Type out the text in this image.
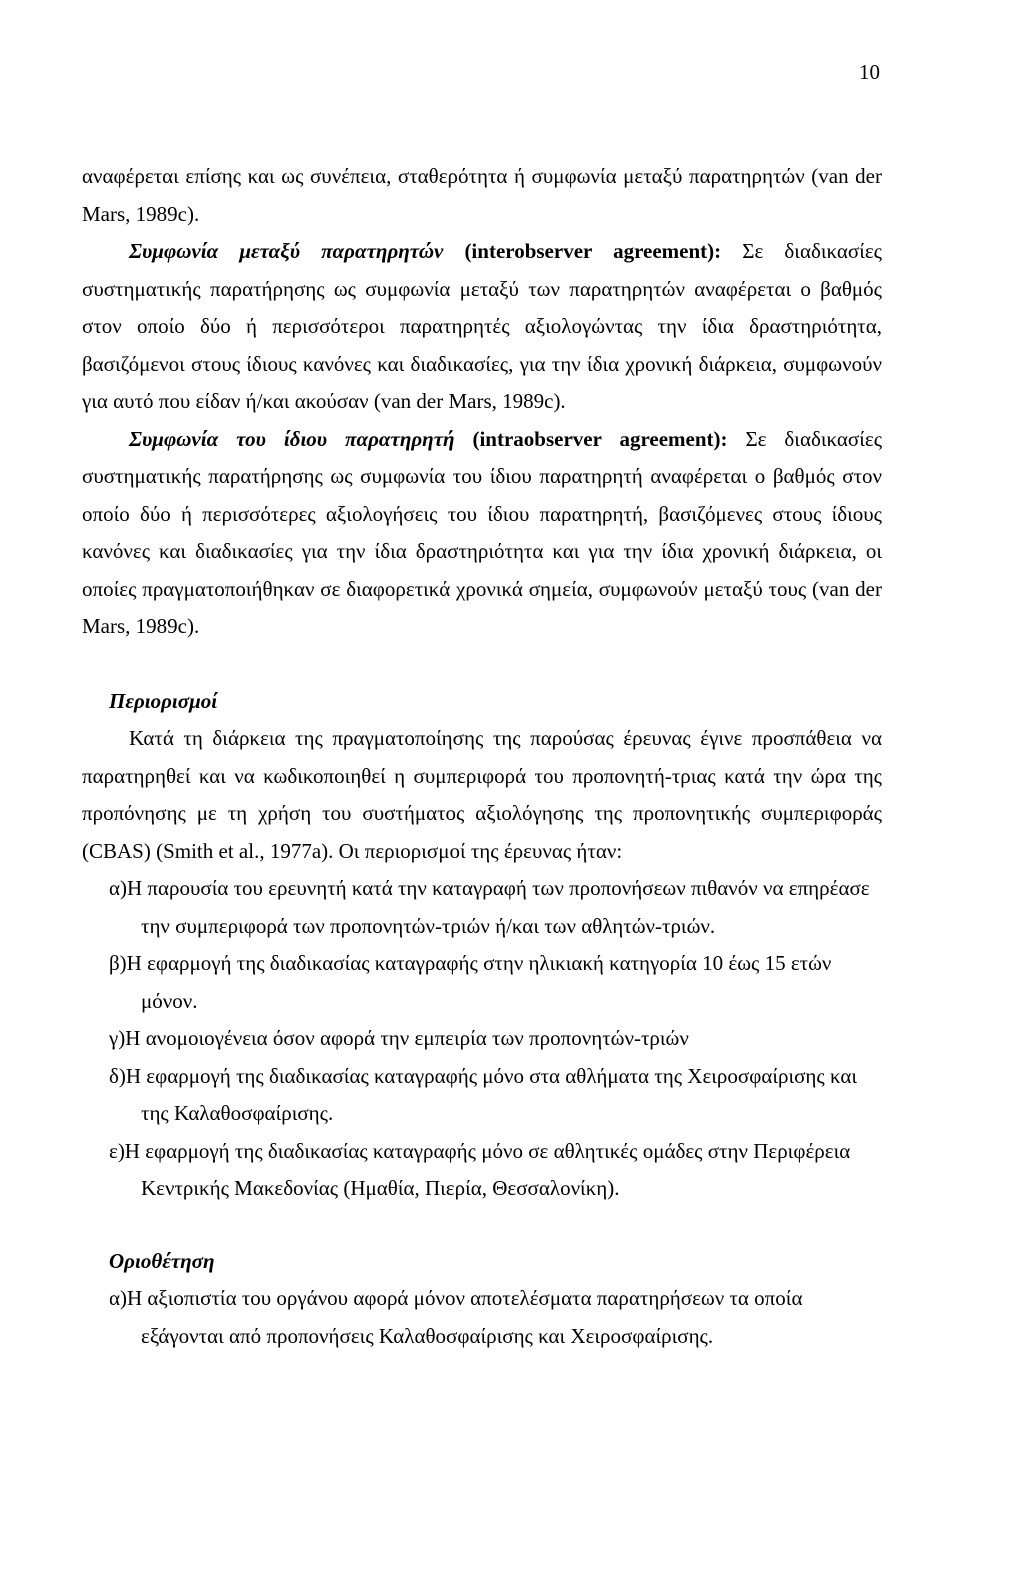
10

αναφέρεται επίσης και ως συνέπεια, σταθερότητα ή συμφωνία μεταξύ παρατηρητών (van der Mars, 1989c).

Συμφωνία μεταξύ παρατηρητών (interobserver agreement): Σε διαδικασίες συστηματικής παρατήρησης ως συμφωνία μεταξύ των παρατηρητών αναφέρεται ο βαθμός στον οποίο δύο ή περισσότεροι παρατηρητές αξιολογώντας την ίδια δραστηριότητα, βασιζόμενοι στους ίδιους κανόνες και διαδικασίες, για την ίδια χρονική διάρκεια, συμφωνούν για αυτό που είδαν ή/και ακούσαν (van der Mars, 1989c).

Συμφωνία του ίδιου παρατηρητή (intraobserver agreement): Σε διαδικασίες συστηματικής παρατήρησης ως συμφωνία του ίδιου παρατηρητή αναφέρεται ο βαθμός στον οποίο δύο ή περισσότερες αξιολογήσεις του ίδιου παρατηρητή, βασιζόμενες στους ίδιους κανόνες και διαδικασίες για την ίδια δραστηριότητα και για την ίδια χρονική διάρκεια, οι οποίες πραγματοποιήθηκαν σε διαφορετικά χρονικά σημεία, συμφωνούν μεταξύ τους (van der Mars, 1989c).

Περιορισμοί

Κατά τη διάρκεια της πραγματοποίησης της παρούσας έρευνας έγινε προσπάθεια να παρατηρηθεί και να κωδικοποιηθεί η συμπεριφορά του προπονητή-τριας κατά την ώρα της προπόνησης με τη χρήση του συστήματος αξιολόγησης της προπονητικής συμπεριφοράς (CBAS) (Smith et al., 1977a). Οι περιορισμοί της έρευνας ήταν:

α)Η παρουσία του ερευνητή κατά την καταγραφή των προπονήσεων πιθανόν να επηρέασε την συμπεριφορά των προπονητών-τριών ή/και των αθλητών-τριών.
β)Η εφαρμογή της διαδικασίας καταγραφής στην ηλικιακή κατηγορία 10 έως 15 ετών μόνον.
γ)Η ανομοιογένεια όσον αφορά την εμπειρία των προπονητών-τριών
δ)Η εφαρμογή της διαδικασίας καταγραφής μόνο στα αθλήματα της Χειροσφαίρισης και της Καλαθοσφαίρισης.
ε)Η εφαρμογή της διαδικασίας καταγραφής μόνο σε αθλητικές ομάδες στην Περιφέρεια Κεντρικής Μακεδονίας (Ημαθία, Πιερία, Θεσσαλονίκη).
Οριοθέτηση
α)Η αξιοπιστία του οργάνου αφορά μόνον αποτελέσματα παρατηρήσεων τα οποία εξάγονται από προπονήσεις Καλαθοσφαίρισης και Χειροσφαίρισης.
